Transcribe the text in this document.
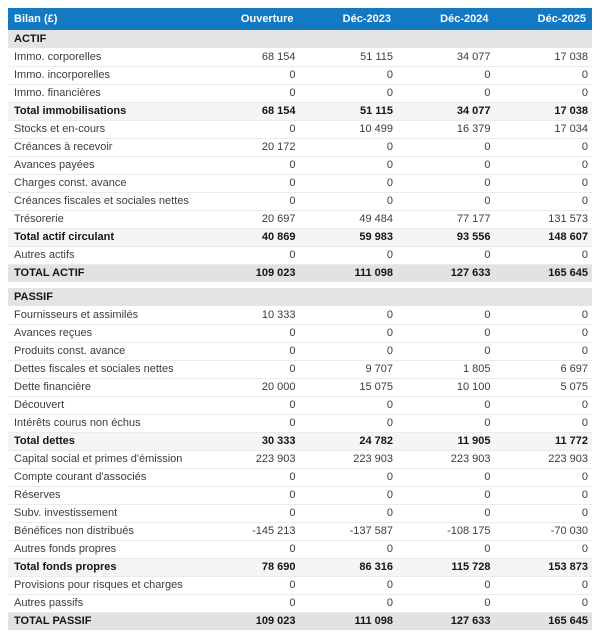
Bilan (£)	Ouverture	Déc-2023	Déc-2024	Déc-2025
ACTIF				
Immo. corporelles	68 154	51 115	34 077	17 038
Immo. incorporelles	0	0	0	0
Immo. financières	0	0	0	0
Total immobilisations	68 154	51 115	34 077	17 038
Stocks et en-cours	0	10 499	16 379	17 034
Créances à recevoir	20 172	0	0	0
Avances payées	0	0	0	0
Charges const. avance	0	0	0	0
Créances fiscales et sociales nettes	0	0	0	0
Trésorerie	20 697	49 484	77 177	131 573
Total actif circulant	40 869	59 983	93 556	148 607
Autres actifs	0	0	0	0
TOTAL ACTIF	109 023	111 098	127 633	165 645

PASSIF				
Fournisseurs et assimilés	10 333	0	0	0
Avances reçues	0	0	0	0
Produits const. avance	0	0	0	0
Dettes fiscales et sociales nettes	0	9 707	1 805	6 697
Dette financière	20 000	15 075	10 100	5 075
Découvert	0	0	0	0
Intérêts courus non échus	0	0	0	0
Total dettes	30 333	24 782	11 905	11 772
Capital social et primes d'émission	223 903	223 903	223 903	223 903
Compte courant d'associés	0	0	0	0
Réserves	0	0	0	0
Subv. investissement	0	0	0	0
Bénéfices non distribués	-145 213	-137 587	-108 175	-70 030
Autres fonds propres	0	0	0	0
Total fonds propres	78 690	86 316	115 728	153 873
Provisions pour risques et charges	0	0	0	0
Autres passifs	0	0	0	0
TOTAL PASSIF	109 023	111 098	127 633	165 645
